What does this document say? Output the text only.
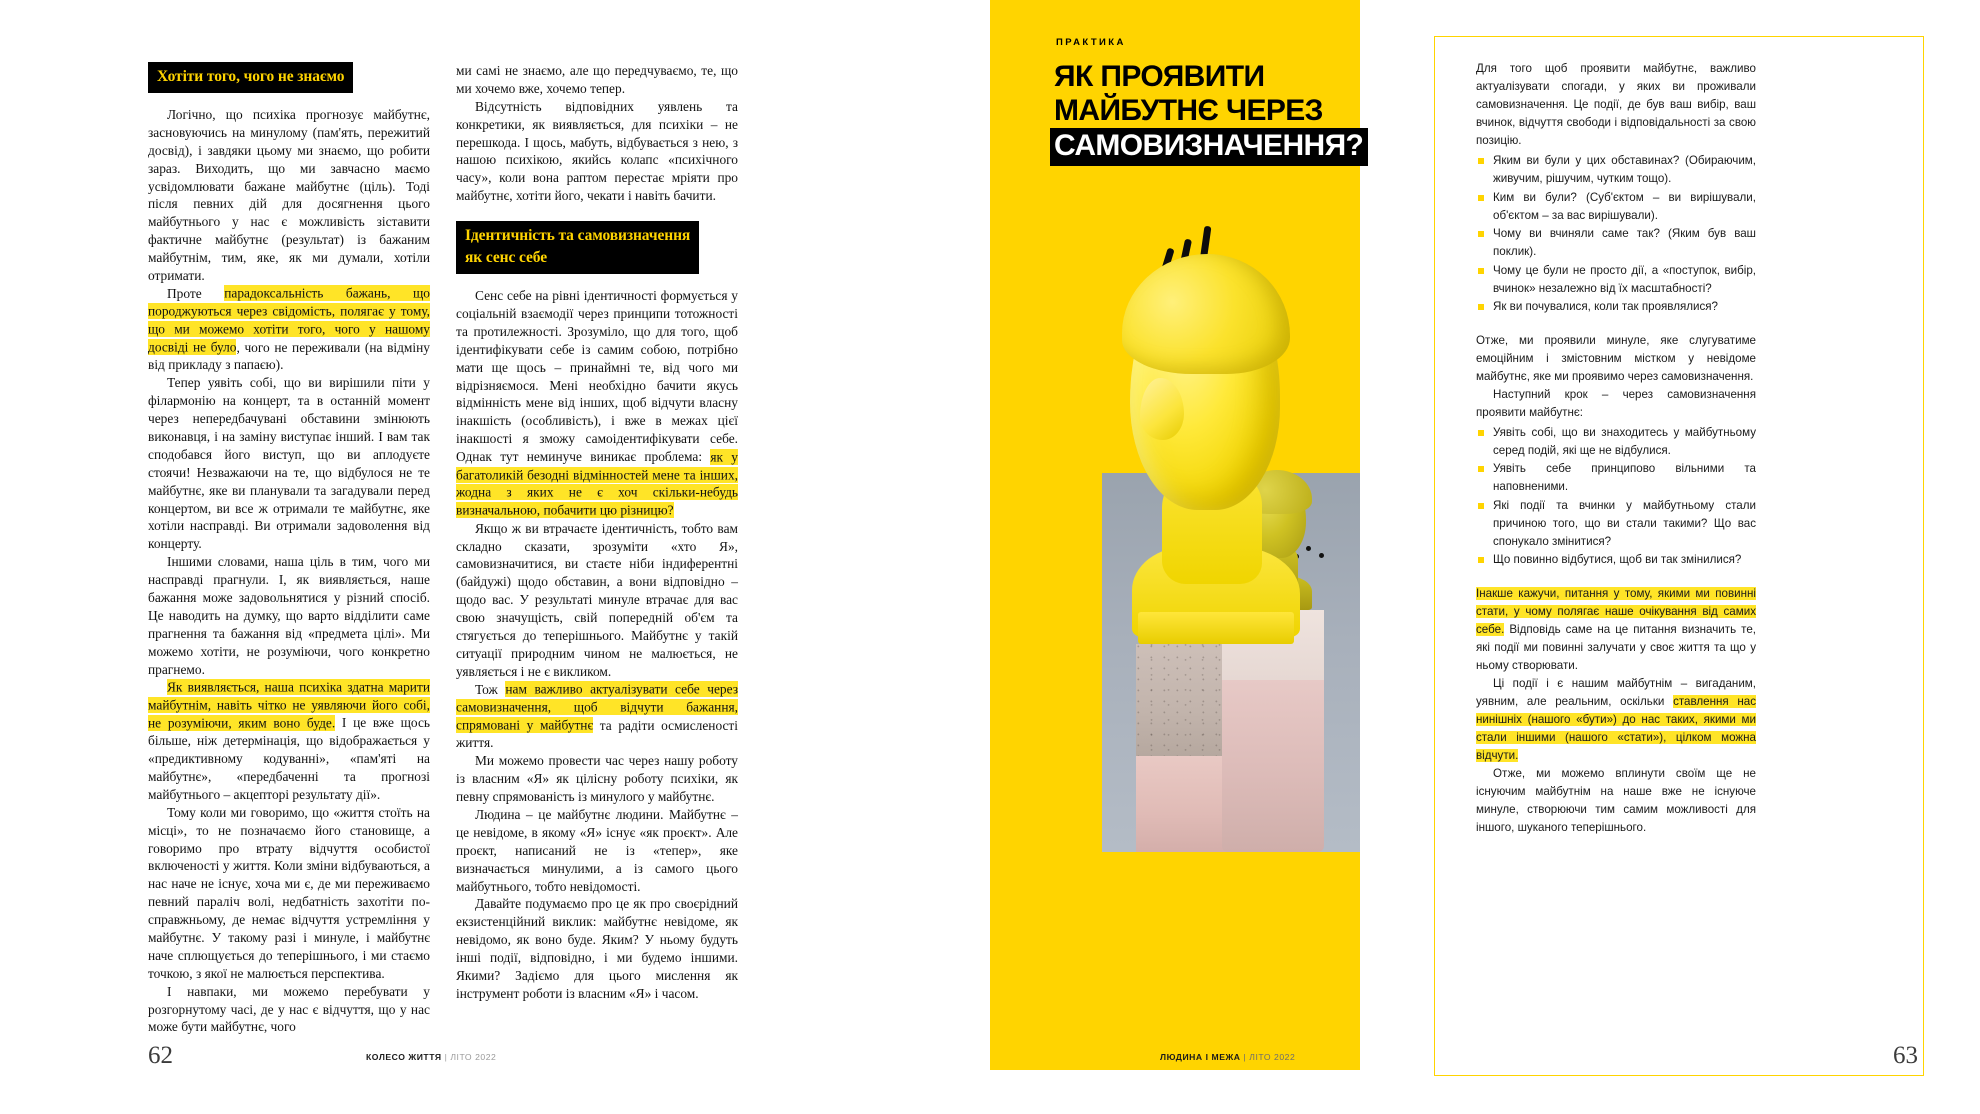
Хотіти того, чого не знаємо

Логічно, що психіка прогнозує майбутнє, засновуючись на минулому (пам'ять, пережитий досвід), і завдяки цьому ми знаємо, що робити зараз. Виходить, що ми завчасно маємо усвідомлювати бажане майбутнє (ціль). Тоді після певних дій для досягнення цього майбутнього у нас є можливість зіставити фактичне майбутнє (результат) із бажаним майбутнім, тим, яке, як ми думали, хотіли отримати.

Проте парадоксальність бажань, що породжуються через свідомість, полягає у тому, що ми можемо хотіти того, чого у нашому досвіді не було, чого не переживали (на відміну від прикладу з папаєю).

Тепер уявіть собі, що ви вирішили піти у філармонію на концерт, та в останній момент через непередбачувані обставини змінюють виконавця, і на заміну виступає інший. І вам так сподобався його виступ, що ви аплодуєте стоячи! Незважаючи на те, що відбулося не те майбутнє, яке ви планували та загадували перед концертом, ви все ж отримали те майбутнє, яке хотіли насправді. Ви отримали задоволення від концерту.

Іншими словами, наша ціль в тим, чого ми насправді прагнули. І, як виявляється, наше бажання може задовольнятися у різний спосіб. Це наводить на думку, що варто відділити саме прагнення та бажання від «предмета цілі». Ми можемо хотіти, не розуміючи, чого конкретно прагнемо.

Як виявляється, наша психіка здатна марити майбутнім, навіть чітко не уявляючи його собі, не розуміючи, яким воно буде. І це вже щось більше, ніж детермінація, що відображається у «предиктивному кодуванні», «пам'яті на майбутнє», «передбаченні та прогнозі майбутнього – акцепторі результату дії».

Тому коли ми говоримо, що «життя стоїть на місці», то не позначаємо його становище, а говоримо про втрату відчуття особистої включеності у життя. Коли зміни відбуваються, а нас наче не існує, хоча ми є, де ми переживаємо певний параліч волі, недбатність захотіти по-справжньому, де немає відчуття устремління у майбутнє. У такому разі і минуле, і майбутнє наче сплющується до теперішнього, і ми стаємо точкою, з якої не малюється перспектива.

І навпаки, ми можемо перебувати у розгорнутому часі, де у нас є відчуття, що у нас може бути майбутнє, чого

ми самі не знаємо, але що передчуваємо, те, що ми хочемо вже, хочемо тепер.

Відсутність відповідних уявлень та конкретики, як виявляється, для психіки – не перешкода. І щось, мабуть, відбувається з нею, з нашою психікою, якийсь колапс «психічного часу», коли вона раптом перестає мріяти про майбутнє, хотіти його, чекати і навіть бачити.

Ідентичність та самовизначення
як сенс себе

Сенс себе на рівні ідентичності формується у соціальній взаємодії через принципи тотожності та протилежності. Зрозуміло, що для того, щоб ідентифікувати себе із самим собою, потрібно мати ще щось – принаймні те, від чого ми відрізняємося. Мені необхідно бачити якусь відмінність мене від інших, щоб відчути власну інакшість (особливість), і вже в межах цієї інакшості я зможу самоідентифікувати себе. Однак тут неминуче виникає проблема: як у багатоликій безодні відмінностей мене та інших, жодна з яких не є хоч скільки-небудь визначальною, побачити цю різницю?

Якщо ж ви втрачаєте ідентичність, тобто вам складно сказати, зрозуміти «хто Я», самовизначитися, ви стаєте ніби індиферентні (байдужі) щодо обставин, а вони відповідно – щодо вас. У результаті минуле втрачає для вас свою значущість, свій попередній об'єм та стягується до теперішнього. Майбутнє у такій ситуації природним чином не малюється, не уявляється і не є викликом.

Тож нам важливо актуалізувати себе через самовизначення, щоб відчути бажання, спрямовані у майбутнє та радіти осмисленості життя.

Ми можемо провести час через нашу роботу із власним «Я» як цілісну роботу психіки, як певну спрямованість із минулого у майбутнє.

Людина – це майбутнє людини. Майбутнє – це невідоме, в якому «Я» існує «як проєкт». Але проєкт, написаний не із «тепер», яке визначається минулими, а із самого цього майбутнього, тобто невідомості.

Давайте подумаємо про це як про своєрідний екзистенційний виклик: майбутнє невідоме, як невідомо, як воно буде. Яким? У ньому будуть інші події, відповідно, і ми будемо іншими. Якими? Задіємо для цього мислення як інструмент роботи із власним «Я» і часом.

62	КОЛЕСО ЖИТТЯ | ЛІТО 2022
ПРАКТИКА
ЯК ПРОЯВИТИ
МАЙБУТНЄ ЧЕРЕЗ
САМОВИЗНАЧЕННЯ?

Для того щоб проявити майбутнє, важливо актуалізувати спогади, у яких ви проживали самовизначення. Це події, де був ваш вибір, ваш вчинок, відчуття свободи і відповідальності за свою позицію.

Яким ви були у цих обставинах? (Обираючим, живучим, рішучим, чутким тощо).
Ким ви були? (Суб'єктом – ви вирішували, об'єктом – за вас вирішували).
Чому ви вчиняли саме так? (Яким був ваш поклик).
Чому це були не просто дії, а «поступок, вибір, вчинок» незалежно від їх масштабності?
Як ви почувалися, коли так проявлялися?

Отже, ми проявили минуле, яке слугуватиме емоційним і змістовним містком у невідоме майбутнє, яке ми проявимо через самовизначення.

Наступний крок – через самовизначення проявити майбутнє:

Уявіть собі, що ви знаходитесь у майбутньому серед подій, які ще не відбулися.
Уявіть себе принципово вільними та наповненими.
Які події та вчинки у майбутньому стали причиною того, що ви стали такими? Що вас спонукало змінитися?
Що повинно відбутися, щоб ви так змінилися?

Інакше кажучи, питання у тому, якими ми повинні стати, у чому полягає наше очікування від самих себе. Відповідь саме на це питання визначить те, які події ми повинні залучати у своє життя та що у ньому створювати.

Ці події і є нашим майбутнім – вигаданим, уявним, але реальним, оскільки ставлення нас нинішніх (нашого «бути») до нас таких, якими ми стали іншими (нашого «стати»), цілком можна відчути.

Отже, ми можемо вплинути своїм ще не існуючим майбутнім на наше вже не існуюче минуле, створюючи тим самим можливості для іншого, шуканого теперішнього.

ЛЮДИНА І МЕЖА | ЛІТО 2022	63
